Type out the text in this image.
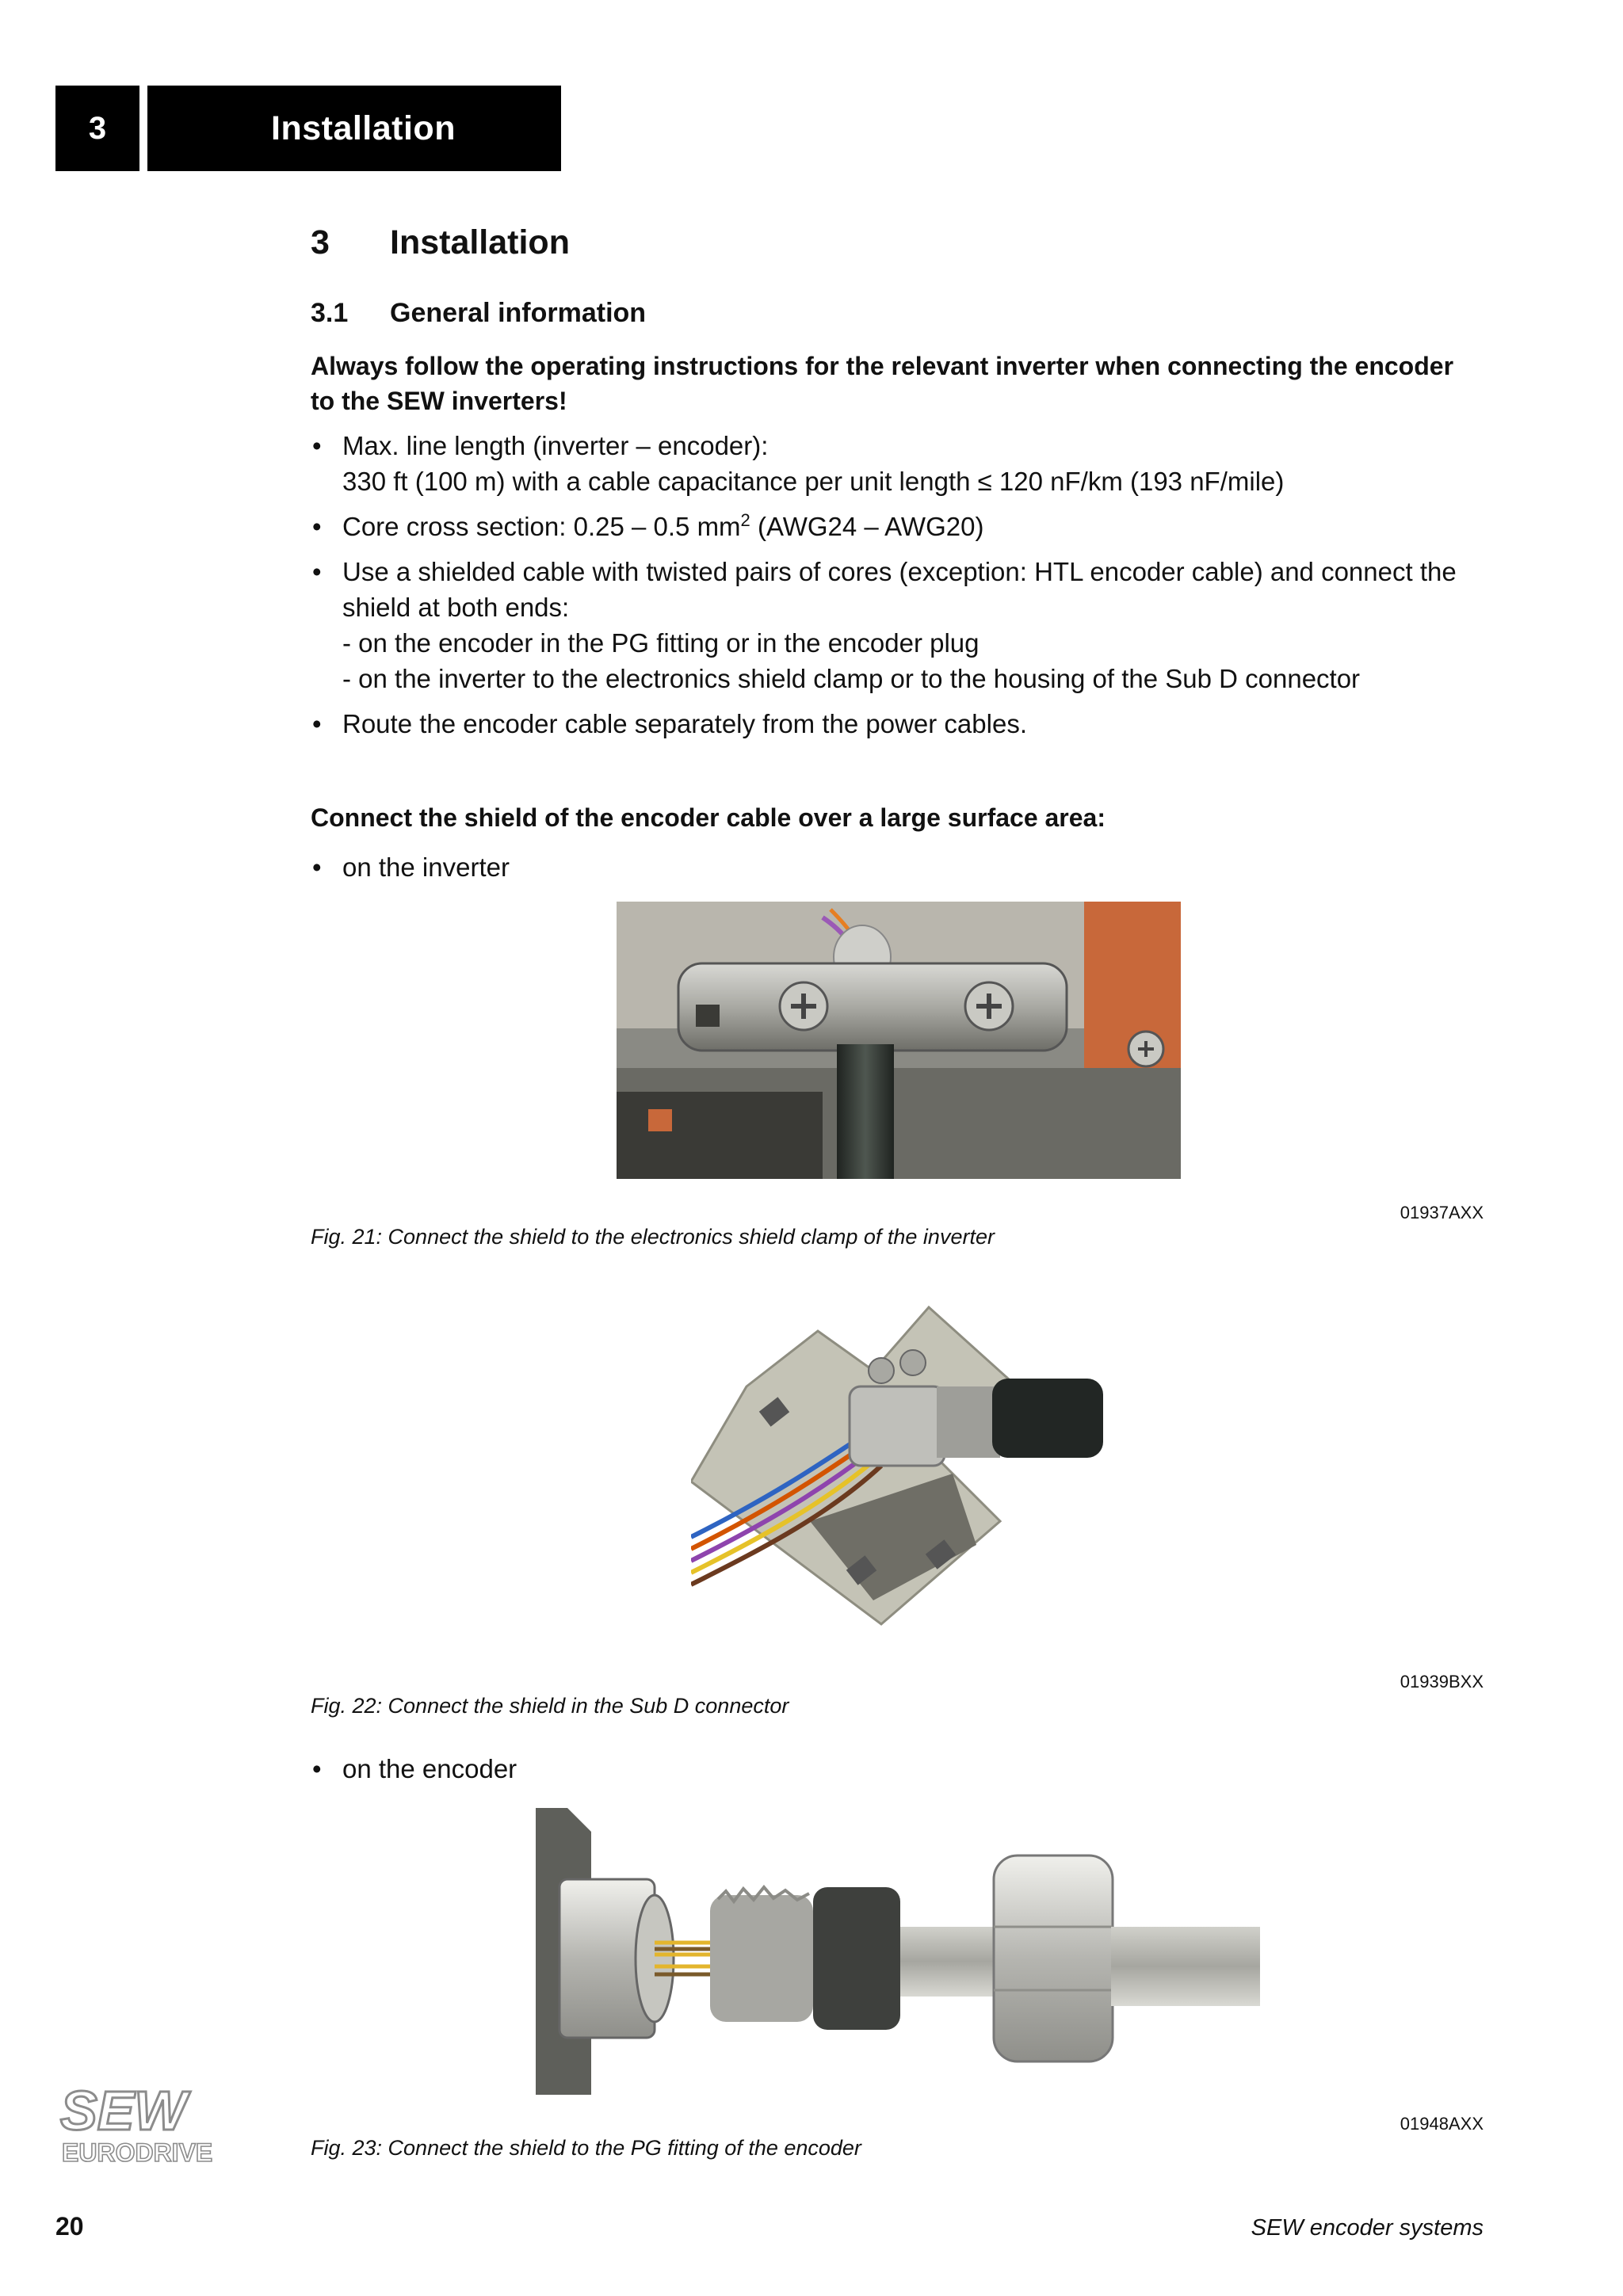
3	Installation
3 Installation
3.1 General information
Always follow the operating instructions for the relevant inverter when connecting the encoder to the SEW inverters!
• Max. line length (inverter – encoder):
330 ft (100 m) with a cable capacitance per unit length ≤ 120 nF/km (193 nF/mile)
• Core cross section: 0.25 – 0.5 $mm^2$ (AWG24 – AWG20)
• Use a shielded cable with twisted pairs of cores (exception: HTL encoder cable) and connect the shield at both ends:
- on the encoder in the PG fitting or in the encoder plug
- on the inverter to the electronics shield clamp or to the housing of the Sub D connector
• Route the encoder cable separately from the power cables.
Connect the shield of the encoder cable over a large surface area:
• on the inverter
01937AXX
Fig. 21: Connect the shield to the electronics shield clamp of the inverter
01939BXX
Fig. 22: Connect the shield in the Sub D connector
• on the encoder
01948AXX
Fig. 23: Connect the shield to the PG fitting of the encoder
SEW
EURODRIVE
20	SEW encoder systems
